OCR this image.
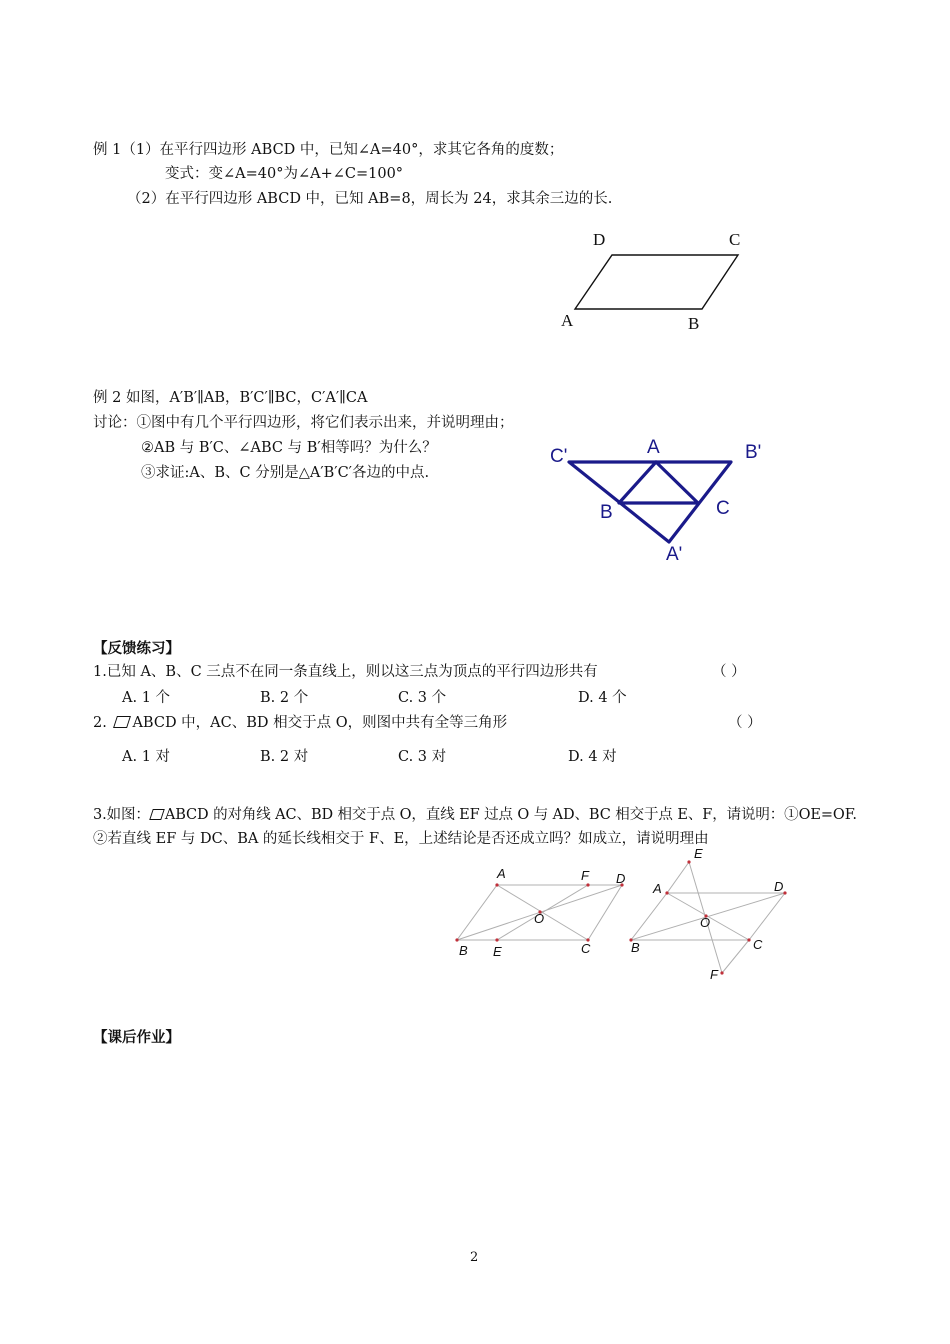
例 1（1）在平行四边形 ABCD 中，已知∠A=40°，求其它各角的度数；
变式：变∠A=40°为∠A+∠C=100°
（2）在平行四边形 ABCD 中，已知 AB=8，周长为 24，求其余三边的长.
D	C
A	B
例 2 如图，A′B′∥AB，B′C′∥BC，C′A′∥CA
讨论：①图中有几个平行四边形，将它们表示出来，并说明理由；
②AB 与 B′C、∠ABC 与 B′相等吗？为什么？
③求证:A、B、C 分别是△A′B′C′各边的中点.
C'	A	B'
B	C
A'
【反馈练习】
1.已知 A、B、C 三点不在同一条直线上，则以这三点为顶点的平行四边形共有	（ ）
A. 1 个	B. 2 个	C. 3 个	D. 4 个
2. ABCD 中，AC、BD 相交于点 O，则图中共有全等三角形	（ ）
A. 1 对	B. 2 对	C. 3 对	D. 4 对
3.如图： ABCD 的对角线 AC、BD 相交于点 O，直线 EF 过点 O 与 AD、BC 相交于点 E、F，请说明：①OE=OF.
②若直线 EF 与 DC、BA 的延长线相交于 F、E，上述结论是否还成立吗？如成立，请说明理由
A	F D
O
B E	C
E
A	D
O
B	C
F
【课后作业】
2
